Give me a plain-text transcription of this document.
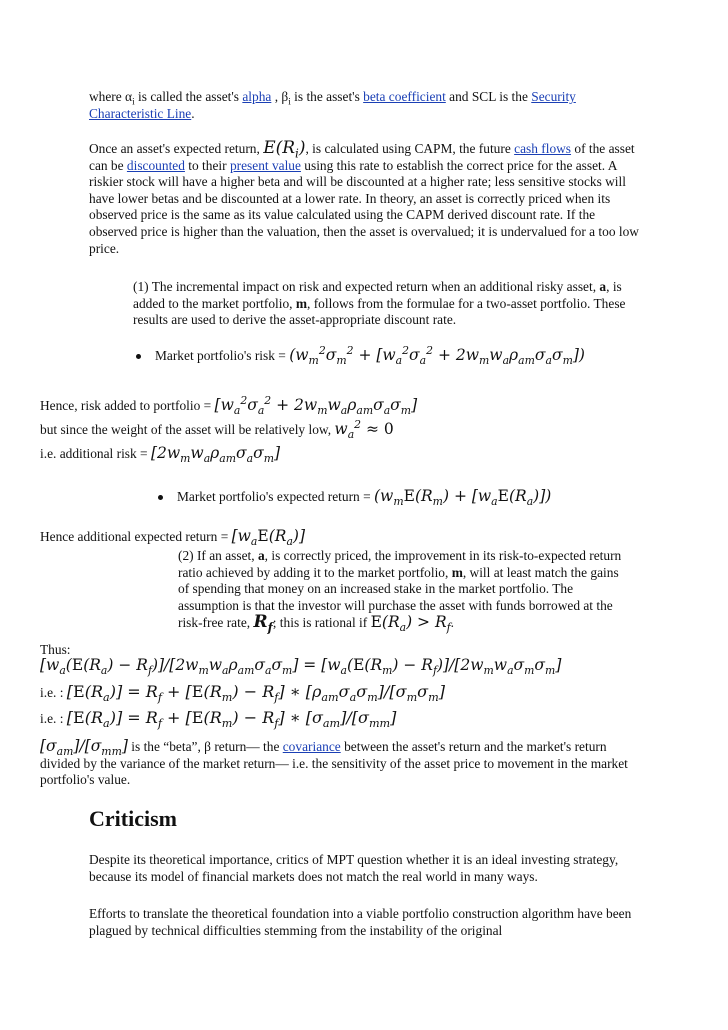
where $\alpha_i$ is called the asset's alpha , $\beta_i$ is the asset's beta coefficient and SCL is the Security Characteristic Line.
Once an asset's expected return, $E(R_i)$, is calculated using CAPM, the future cash flows of the asset can be discounted to their present value using this rate to establish the correct price for the asset. A riskier stock will have a higher beta and will be discounted at a higher rate; less sensitive stocks will have lower betas and be discounted at a lower rate. In theory, an asset is correctly priced when its observed price is the same as its value calculated using the CAPM derived discount rate. If the observed price is higher than the valuation, then the asset is overvalued; it is undervalued for a too low price.
(1) The incremental impact on risk and expected return when an additional risky asset, a, is added to the market portfolio, m, follows from the formulae for a two-asset portfolio. These results are used to derive the asset-appropriate discount rate.
Market portfolio's risk = $(w_m^2\sigma_m^2 + [w_a^2\sigma_a^2 + 2w_mw_a\rho_{am}\sigma_a\sigma_m])$
Hence, risk added to portfolio = $[w_a^2\sigma_a^2 + 2w_mw_a\rho_{am}\sigma_a\sigma_m]$
but since the weight of the asset will be relatively low, $w_a^2 \approx 0$
i.e. additional risk = $[2w_mw_a\rho_{am}\sigma_a\sigma_m]$
Market portfolio's expected return = $(w_mE(R_m) + [w_aE(R_a)])$
Hence additional expected return = $[w_aE(R_a)]$
(2) If an asset, a, is correctly priced, the improvement in its risk-to-expected return ratio achieved by adding it to the market portfolio, m, will at least match the gains of spending that money on an increased stake in the market portfolio. The assumption is that the investor will purchase the asset with funds borrowed at the risk-free rate, $R_f$; this is rational if $E(R_a) > R_f$.
Thus:
$[w_a(E(R_a) - R_f)]/[2w_mw_a\rho_{am}\sigma_a\sigma_m] = [w_a(E(R_m) - R_f)]/[2w_mw_a\sigma_m\sigma_m]$
i.e. : $[E(R_a)] = R_f + [E(R_m) - R_f]$ ∗ $[\rho_{am}\sigma_a\sigma_m]/[\sigma_m\sigma_m]$
i.e. : $[E(R_a)] = R_f + [E(R_m) - R_f]$ ∗ $[\sigma_{am}]/[\sigma_{mm}]$
$[\sigma_{am}]/[\sigma_{mm}]$ is the “beta”, β return— the covariance between the asset's return and the market's return divided by the variance of the market return— i.e. the sensitivity of the asset price to movement in the market portfolio's value.
Criticism

Despite its theoretical importance, critics of MPT question whether it is an ideal investing strategy, because its model of financial markets does not match the real world in many ways.

Efforts to translate the theoretical foundation into a viable portfolio construction algorithm have been plagued by technical difficulties stemming from the instability of the original
